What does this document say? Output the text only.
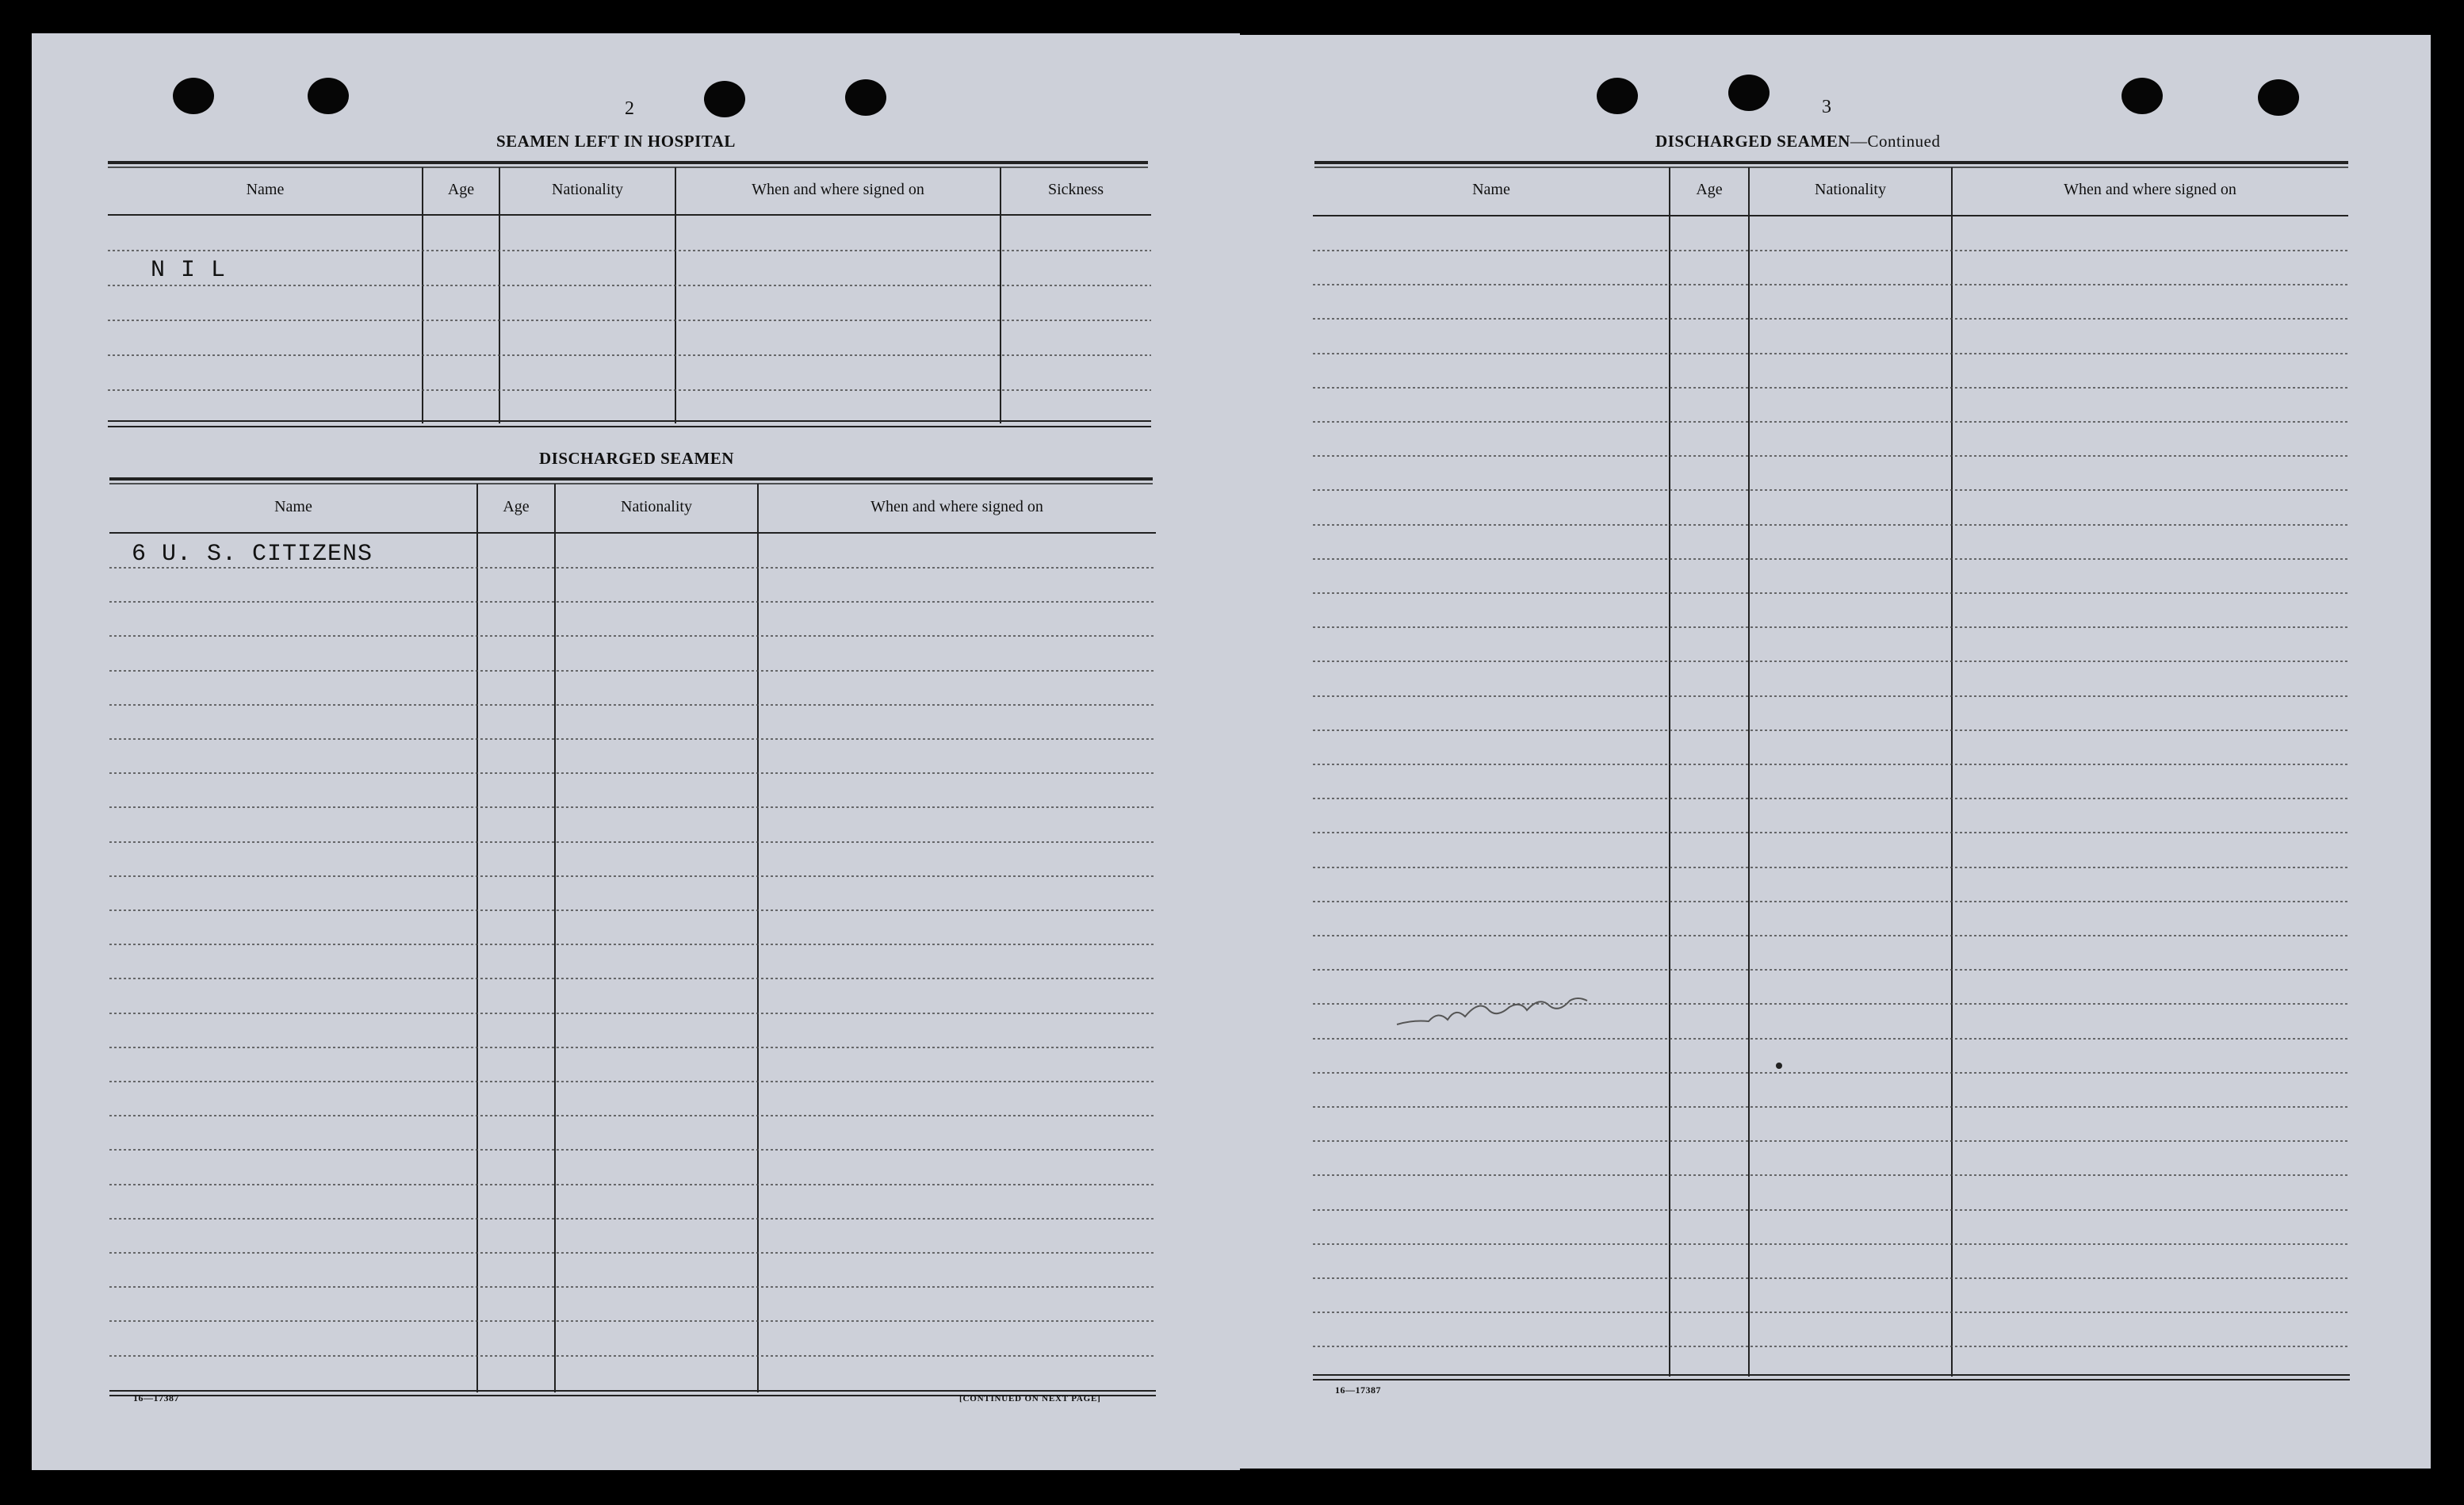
2
SEAMEN LEFT IN HOSPITAL
Name	Age	Nationality	When and where signed on	Sickness
N I L
DISCHARGED SEAMEN
Name	Age	Nationality	When and where signed on
6 U. S. CITIZENS
16—17387	[CONTINUED ON NEXT PAGE]
3
DISCHARGED SEAMEN—Continued
Name	Age	Nationality	When and where signed on
16—17387
